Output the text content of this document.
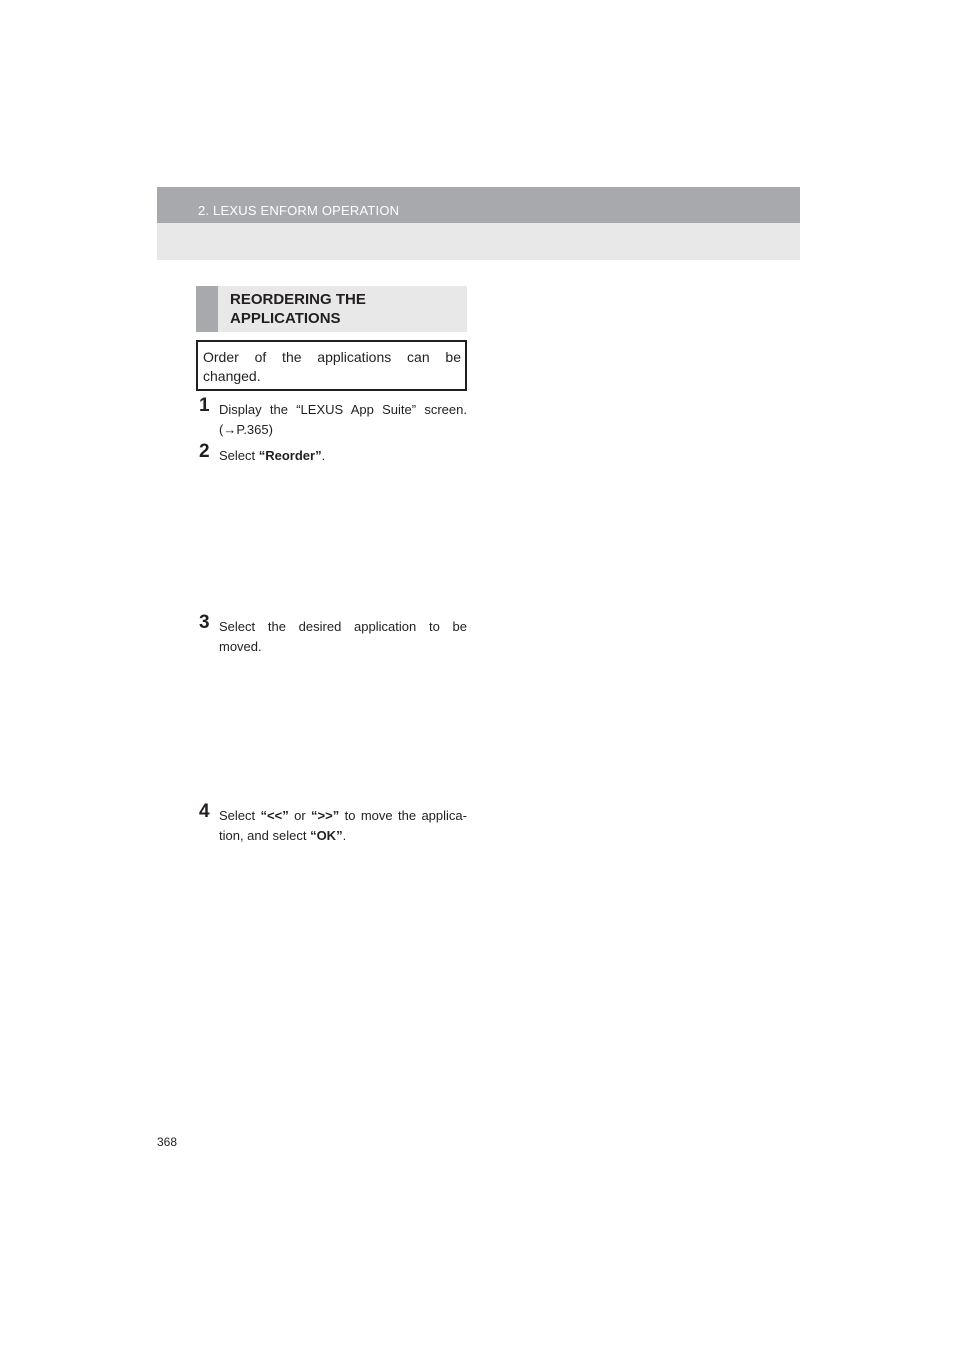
2. LEXUS ENFORM OPERATION
REORDERING THE APPLICATIONS
Order of the applications can be changed.
1 Display the “LEXUS App Suite” screen. (→P.365)
2 Select “Reorder”.
3 Select the desired application to be moved.
4 Select “<<” or “>>” to move the applica-tion, and select “OK”.
368
